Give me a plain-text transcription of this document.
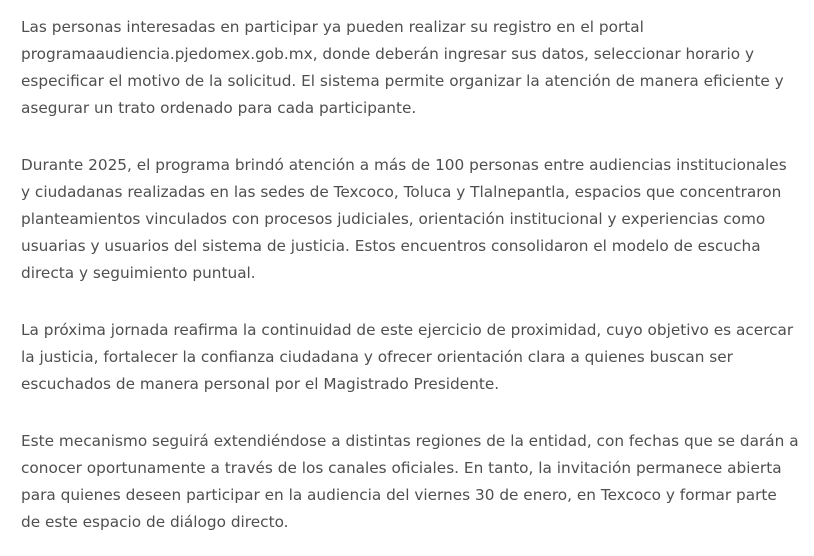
Las personas interesadas en participar ya pueden realizar su registro en el portal programaaudiencia.pjedomex.gob.mx, donde deberán ingresar sus datos, seleccionar horario y especificar el motivo de la solicitud. El sistema permite organizar la atención de manera eficiente y asegurar un trato ordenado para cada participante.

Durante 2025, el programa brindó atención a más de 100 personas entre audiencias institucionales y ciudadanas realizadas en las sedes de Texcoco, Toluca y Tlalnepantla, espacios que concentraron planteamientos vinculados con procesos judiciales, orientación institucional y experiencias como usuarias y usuarios del sistema de justicia. Estos encuentros consolidaron el modelo de escucha directa y seguimiento puntual.

La próxima jornada reafirma la continuidad de este ejercicio de proximidad, cuyo objetivo es acercar la justicia, fortalecer la confianza ciudadana y ofrecer orientación clara a quienes buscan ser escuchados de manera personal por el Magistrado Presidente.

Este mecanismo seguirá extendiéndose a distintas regiones de la entidad, con fechas que se darán a conocer oportunamente a través de los canales oficiales. En tanto, la invitación permanece abierta para quienes deseen participar en la audiencia del viernes 30 de enero, en Texcoco y formar parte de este espacio de diálogo directo.
